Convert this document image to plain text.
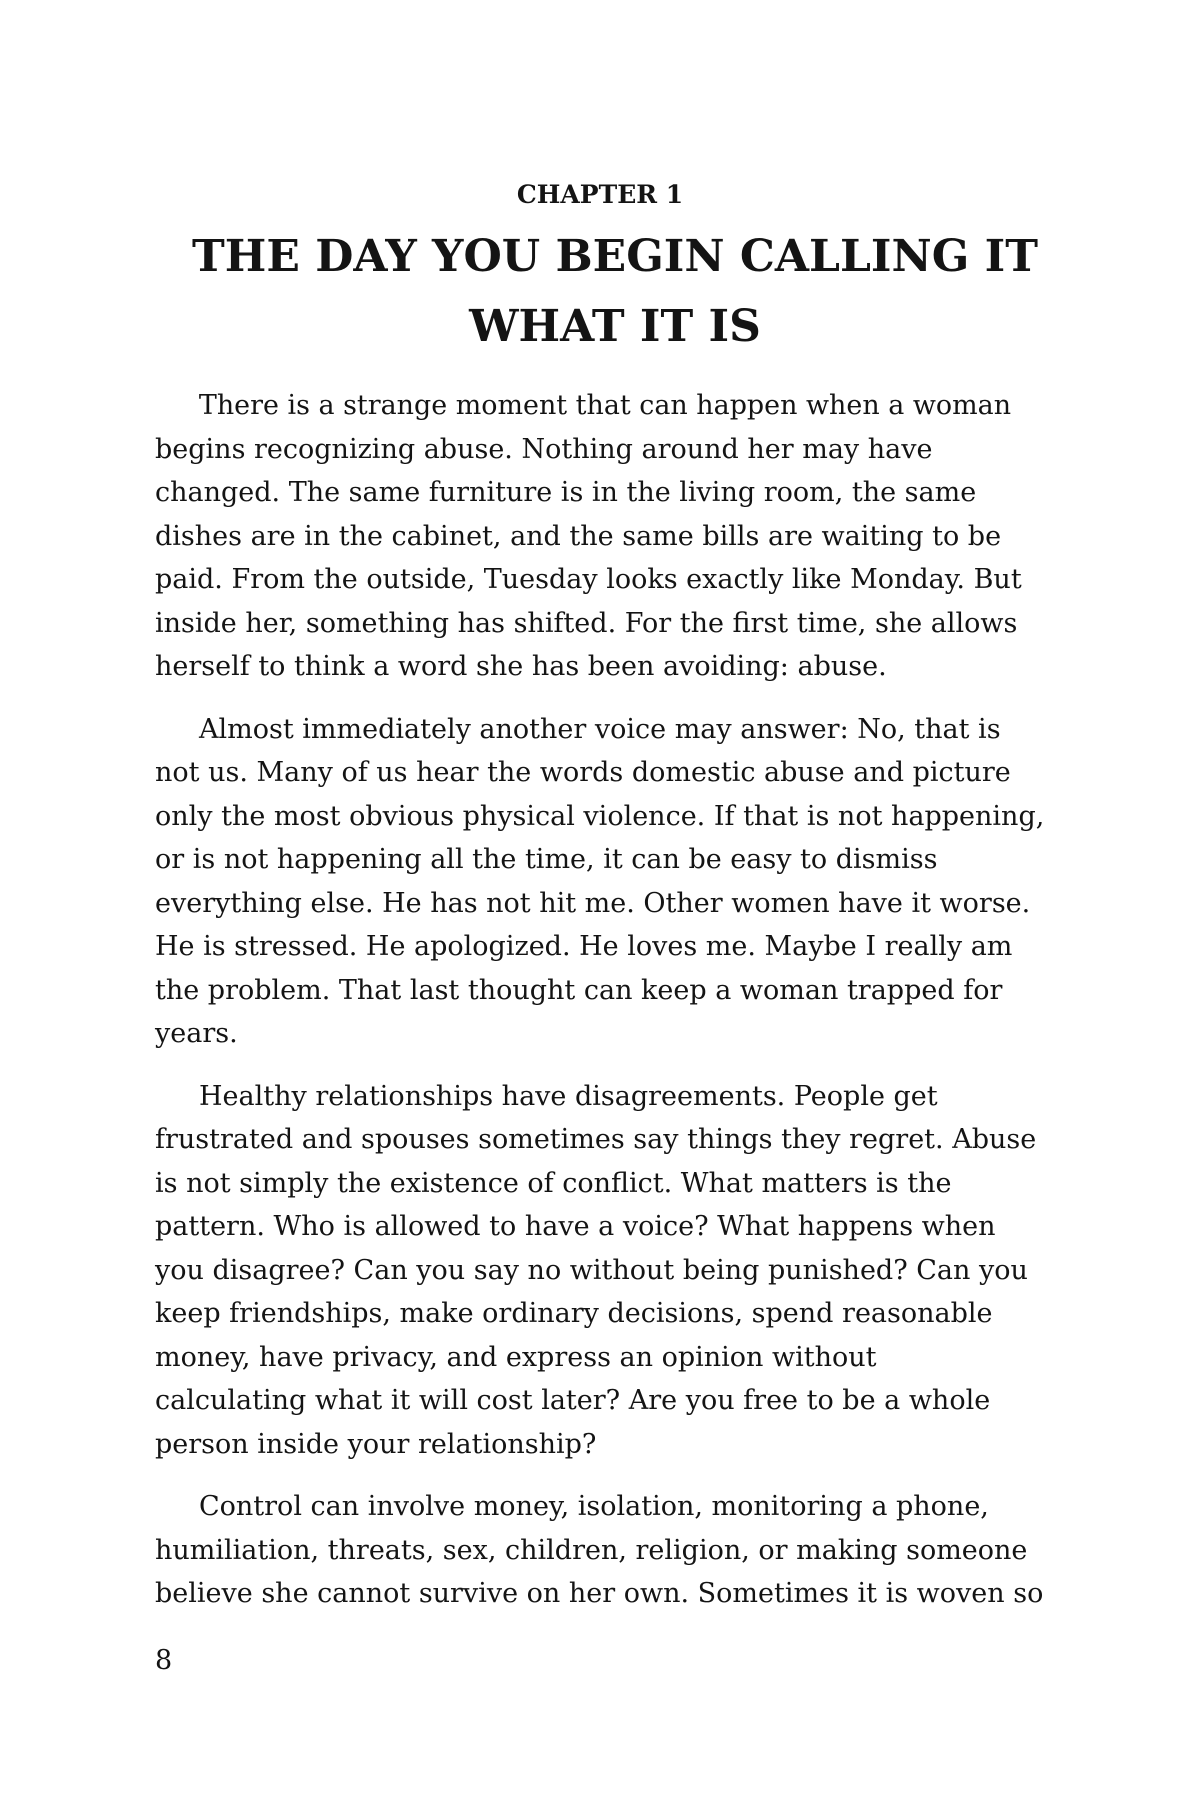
CHAPTER 1
THE DAY YOU BEGIN CALLING IT
WHAT IT IS

There is a strange moment that can happen when a woman
begins recognizing abuse. Nothing around her may have
changed. The same furniture is in the living room, the same
dishes are in the cabinet, and the same bills are waiting to be
paid. From the outside, Tuesday looks exactly like Monday. But
inside her, something has shifted. For the first time, she allows
herself to think a word she has been avoiding: abuse.

Almost immediately another voice may answer: No, that is
not us. Many of us hear the words domestic abuse and picture
only the most obvious physical violence. If that is not happening,
or is not happening all the time, it can be easy to dismiss
everything else. He has not hit me. Other women have it worse.
He is stressed. He apologized. He loves me. Maybe I really am
the problem. That last thought can keep a woman trapped for
years.

Healthy relationships have disagreements. People get
frustrated and spouses sometimes say things they regret. Abuse
is not simply the existence of conflict. What matters is the
pattern. Who is allowed to have a voice? What happens when
you disagree? Can you say no without being punished? Can you
keep friendships, make ordinary decisions, spend reasonable
money, have privacy, and express an opinion without
calculating what it will cost later? Are you free to be a whole
person inside your relationship?

Control can involve money, isolation, monitoring a phone,
humiliation, threats, sex, children, religion, or making someone
believe she cannot survive on her own. Sometimes it is woven so

8
